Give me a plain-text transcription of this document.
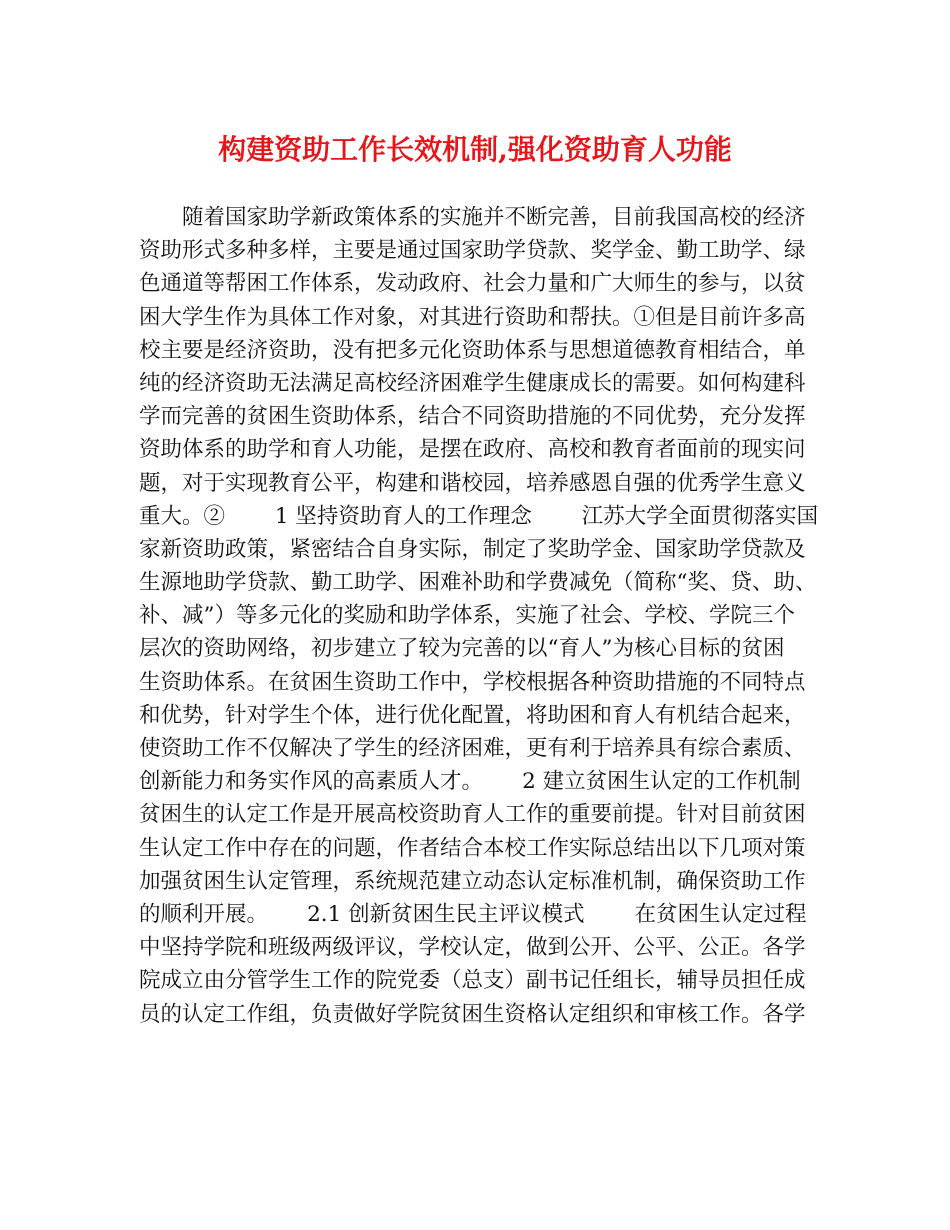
构建资助工作长效机制,强化资助育人功能
　　随着国家助学新政策体系的实施并不断完善，目前我国高校的经济
资助形式多种多样，主要是通过国家助学贷款、奖学金、勤工助学、绿
色通道等帮困工作体系，发动政府、社会力量和广大师生的参与，以贫
困大学生作为具体工作对象，对其进行资助和帮扶。①但是目前许多高
校主要是经济资助，没有把多元化资助体系与思想道德教育相结合，单
纯的经济资助无法满足高校经济困难学生健康成长的需要。如何构建科
学而完善的贫困生资助体系，结合不同资助措施的不同优势，充分发挥
资助体系的助学和育人功能，是摆在政府、高校和教育者面前的现实问
题，对于实现教育公平，构建和谐校园，培养感恩自强的优秀学生意义
重大。②　　 1 坚持资助育人的工作理念　　 江苏大学全面贯彻落实国
家新资助政策，紧密结合自身实际，制定了奖助学金、国家助学贷款及
生源地助学贷款、勤工助学、困难补助和学费减免（简称“奖、贷、助、
补、减”）等多元化的奖励和助学体系，实施了社会、学校、学院三个
层次的资助网络，初步建立了较为完善的以“育人”为核心目标的贫困
生资助体系。在贫困生资助工作中，学校根据各种资助措施的不同特点
和优势，针对学生个体，进行优化配置，将助困和育人有机结合起来，
使资助工作不仅解决了学生的经济困难，更有利于培养具有综合素质、
创新能力和务实作风的高素质人才。　　 2 建立贫困生认定的工作机制
贫困生的认定工作是开展高校资助育人工作的重要前提。针对目前贫困
生认定工作中存在的问题，作者结合本校工作实际总结出以下几项对策
加强贫困生认定管理，系统规范建立动态认定标准机制，确保资助工作
的顺利开展。　　 2.1 创新贫困生民主评议模式　　 在贫困生认定过程
中坚持学院和班级两级评议，学校认定，做到公开、公平、公正。各学
院成立由分管学生工作的院党委（总支）副书记任组长，辅导员担任成
员的认定工作组，负责做好学院贫困生资格认定组织和审核工作。各学
